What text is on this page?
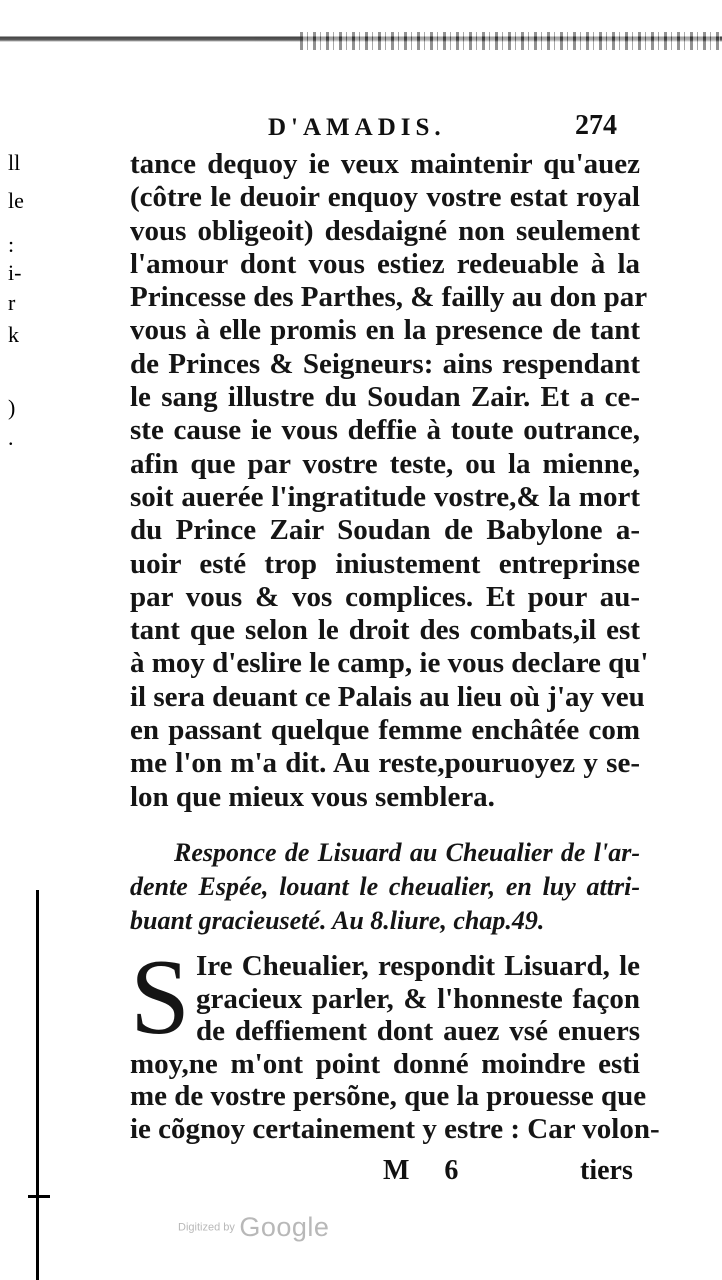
ll
le
:
i-
r
k
)
.
D'AMADIS.	274
tance dequoy ie veux maintenir qu'auez
(côtre le deuoir enquoy vostre estat royal
vous obligeoit) desdaigné non seulement
l'amour dont vous estiez redeuable à la
Princesse des Parthes, & failly au don par
vous à elle promis en la presence de tant
de Princes & Seigneurs: ains respendant
le sang illustre du Soudan Zair. Et a ce-
ste cause ie vous deffie à toute outrance,
afin que par vostre teste, ou la mienne,
soit auerée l'ingratitude vostre,& la mort
du Prince Zair Soudan de Babylone a-
uoir esté trop iniustement entreprinse
par vous & vos complices. Et pour au-
tant que selon le droit des combats,il est
à moy d'eslire le camp, ie vous declare qu'
il sera deuant ce Palais au lieu où j'ay veu
en passant quelque femme enchâtée com
me l'on m'a dit. Au reste,pouruoyez y se-
lon que mieux vous semblera.
Responce de Lisuard au Cheualier de l'ar-
dente Espée, louant le cheualier, en luy attri-
buant gracieuseté. Au 8.liure, chap.49.
S Ire Cheualier, respondit Lisuard, le
gracieux parler, & l'honneste façon
de deffiement dont auez vsé enuers
moy,ne m'ont point donné moindre esti
me de vostre persõne, que la prouesse que
ie cõgnoy certainement y estre : Car volon-
M 6	tiers
Digitized by Google
